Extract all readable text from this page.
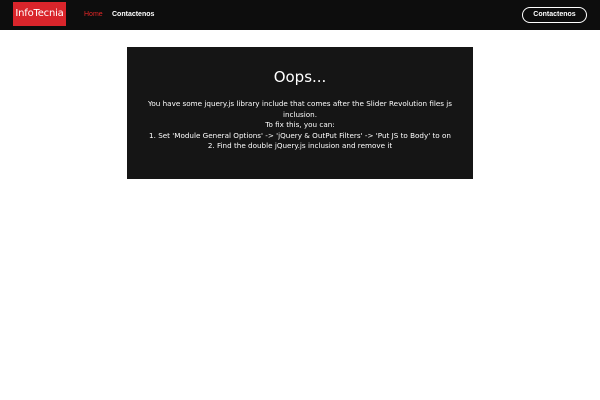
InfoTecnia	Home Contactenos	Contactenos
Oops...
You have some jquery.js library include that comes after the Slider Revolution files js
inclusion.
To fix this, you can:
1. Set 'Module General Options' -> 'jQuery & OutPut Filters' -> 'Put JS to Body' to on
2. Find the double jQuery.js inclusion and remove it
